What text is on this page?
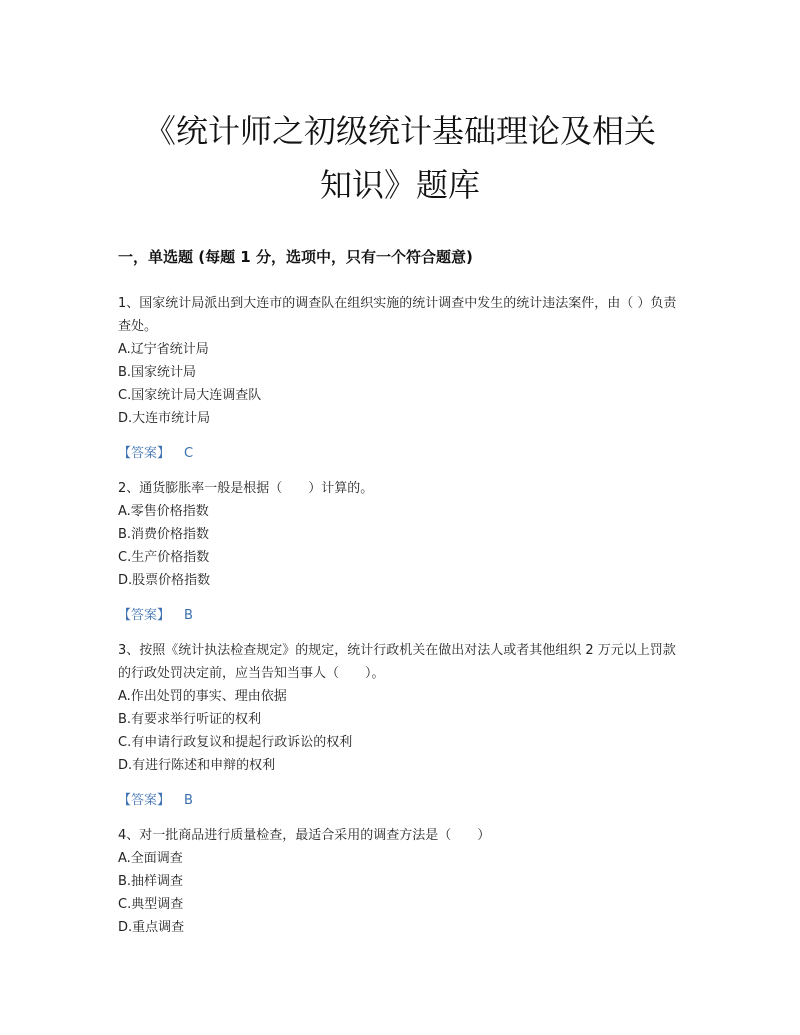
《统计师之初级统计基础理论及相关
知识》题库
一，单选题 (每题 1 分，选项中，只有一个符合题意)

1、国家统计局派出到大连市的调查队在组织实施的统计调查中发生的统计违法案件，由（ ）负责查处。

A.辽宁省统计局

B.国家统计局

C.国家统计局大连调查队

D.大连市统计局

【答案】 C

2、通货膨胀率一般是根据（　　）计算的。

A.零售价格指数

B.消费价格指数

C.生产价格指数

D.股票价格指数

【答案】 B

3、按照《统计执法检查规定》的规定，统计行政机关在做出对法人或者其他组织 2 万元以上罚款的行政处罚决定前，应当告知当事人（　　）。

A.作出处罚的事实、理由依据

B.有要求举行听证的权利

C.有申请行政复议和提起行政诉讼的权利

D.有进行陈述和申辩的权利

【答案】 B

4、对一批商品进行质量检查，最适合采用的调查方法是（　　）

A.全面调查

B.抽样调查

C.典型调查

D.重点调查
